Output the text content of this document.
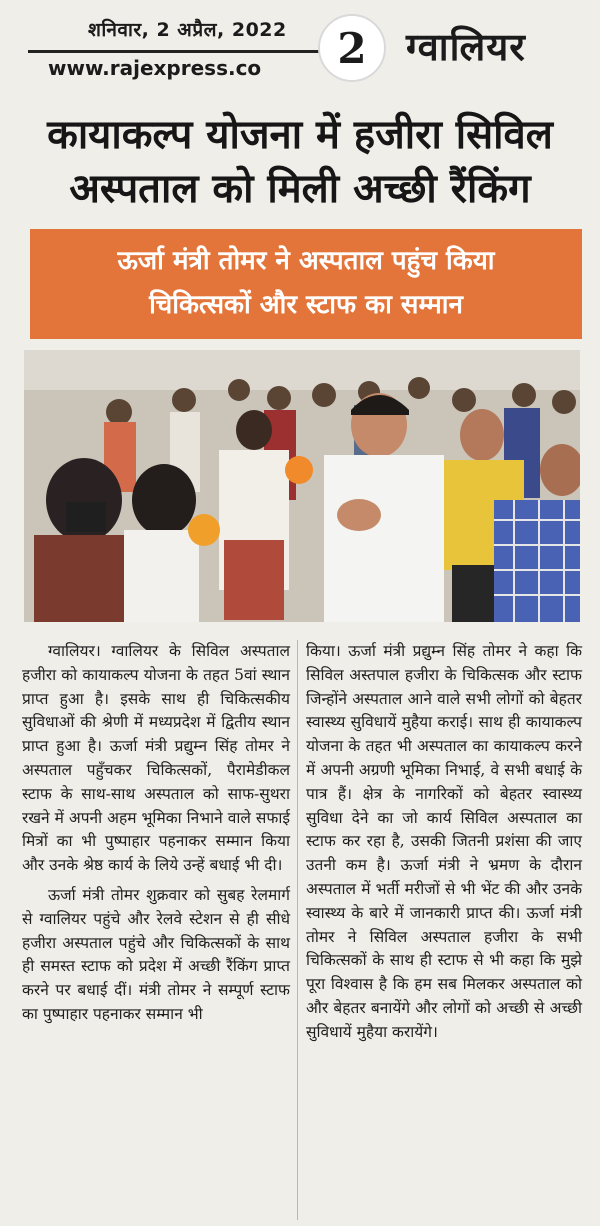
शनिवार, 2 अप्रैल, 2022
www.rajexpress.co	2	ग्वालियर
कायाकल्प योजना में हजीरा सिविल
अस्पताल को मिली अच्छी रैंकिंग
ऊर्जा मंत्री तोमर ने अस्पताल पहुंच किया
चिकित्सकों और स्टाफ का सम्मान

ग्वालियर। ग्वालियर के सिविल अस्पताल हजीरा को कायाकल्प योजना के तहत 5वां स्थान प्राप्त हुआ है। इसके साथ ही चिकित्सकीय सुविधाओं की श्रेणी में मध्यप्रदेश में द्वितीय स्थान प्राप्त हुआ है। ऊर्जा मंत्री प्रद्युम्न सिंह तोमर ने अस्पताल पहुँचकर चिकित्सकों, पैरामेडीकल स्टाफ के साथ-साथ अस्पताल को साफ-सुथरा रखने में अपनी अहम भूमिका निभाने वाले सफाई मित्रों का भी पुष्पाहार पहनाकर सम्मान किया और उनके श्रेष्ठ कार्य के लिये उन्हें बधाई भी दी।

ऊर्जा मंत्री तोमर शुक्रवार को सुबह रेलमार्ग से ग्वालियर पहुंचे और रेलवे स्टेशन से ही सीधे हजीरा अस्पताल पहुंचे और चिकित्सकों के साथ ही समस्त स्टाफ को प्रदेश में अच्छी रैंकिंग प्राप्त करने पर बधाई दीं। मंत्री तोमर ने सम्पूर्ण स्टाफ का पुष्पाहार पहनाकर सम्मान भी

किया। ऊर्जा मंत्री प्रद्युम्न सिंह तोमर ने कहा कि सिविल अस्तपाल हजीरा के चिकित्सक और स्टाफ जिन्होंने अस्पताल आने वाले सभी लोगों को बेहतर स्वास्थ्य सुविधायें मुहैया कराई। साथ ही कायाकल्प योजना के तहत भी अस्पताल का कायाकल्प करने में अपनी अग्रणी भूमिका निभाई, वे सभी बधाई के पात्र हैं। क्षेत्र के नागरिकों को बेहतर स्वास्थ्य सुविधा देने का जो कार्य सिविल अस्पताल का स्टाफ कर रहा है, उसकी जितनी प्रशंसा की जाए उतनी कम है। ऊर्जा मंत्री ने भ्रमण के दौरान अस्पताल में भर्ती मरीजों से भी भेंट की और उनके स्वास्थ्य के बारे में जानकारी प्राप्त की। ऊर्जा मंत्री तोमर ने सिविल अस्पताल हजीरा के सभी चिकित्सकों के साथ ही स्टाफ से भी कहा कि मुझे पूरा विश्वास है कि हम सब मिलकर अस्पताल को और बेहतर बनायेंगे और लोगों को अच्छी से अच्छी सुविधायें मुहैया करायेंगे।
